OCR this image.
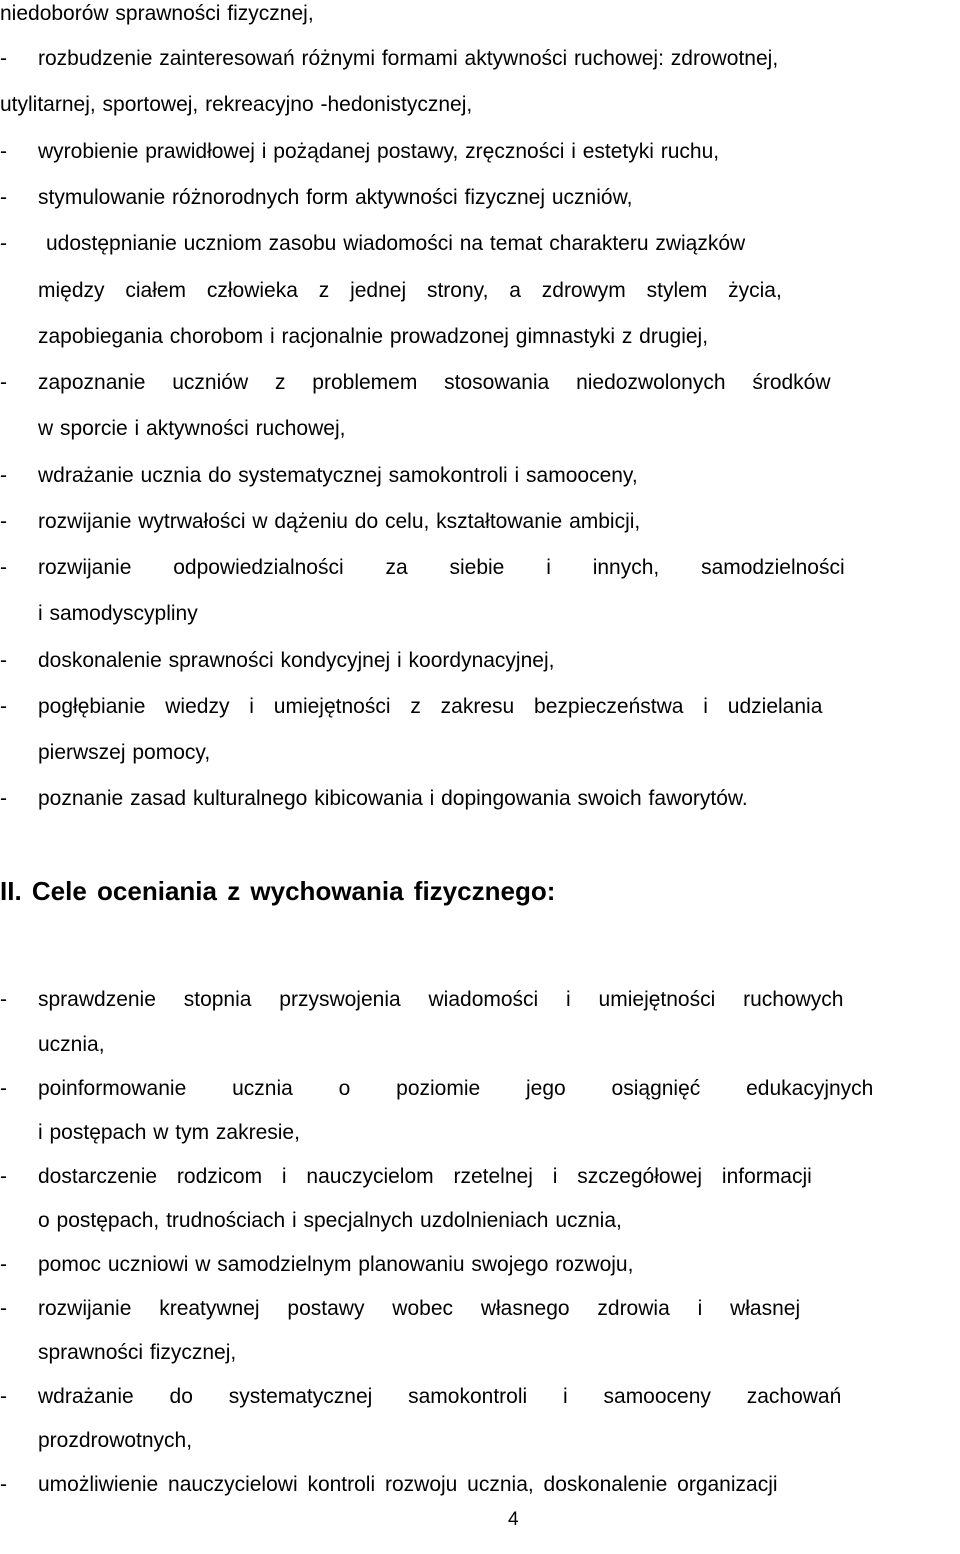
niedoborów sprawności fizycznej,
- rozbudzenie zainteresowań różnymi formami aktywności ruchowej: zdrowotnej,
utylitarnej, sportowej, rekreacyjno -hedonistycznej,
- wyrobienie prawidłowej i pożądanej postawy, zręczności i estetyki ruchu,
- stymulowanie różnorodnych form aktywności fizycznej uczniów,
- udostępnianie uczniom zasobu wiadomości na temat charakteru związków
między ciałem człowieka z jednej strony, a zdrowym stylem życia,
zapobiegania chorobom i racjonalnie prowadzonej gimnastyki z drugiej,
- zapoznanie uczniów z problemem stosowania niedozwolonych środków
w sporcie i aktywności ruchowej,
- wdrażanie ucznia do systematycznej samokontroli i samooceny,
- rozwijanie wytrwałości w dążeniu do celu, kształtowanie ambicji,
- rozwijanie odpowiedzialności za siebie i innych, samodzielności
i samodyscypliny
- doskonalenie sprawności kondycyjnej i koordynacyjnej,
- pogłębianie wiedzy i umiejętności z zakresu bezpieczeństwa i udzielania
pierwszej pomocy,
- poznanie zasad kulturalnego kibicowania i dopingowania swoich faworytów.
II. Cele oceniania z wychowania fizycznego:
- sprawdzenie stopnia przyswojenia wiadomości i umiejętności ruchowych
ucznia,
- poinformowanie ucznia o poziomie jego osiągnięć edukacyjnych
i postępach w tym zakresie,
- dostarczenie rodzicom i nauczycielom rzetelnej i szczegółowej informacji
o postępach, trudnościach i specjalnych uzdolnieniach ucznia,
- pomoc uczniowi w samodzielnym planowaniu swojego rozwoju,
- rozwijanie kreatywnej postawy wobec własnego zdrowia i własnej
sprawności fizycznej,
- wdrażanie do systematycznej samokontroli i samooceny zachowań
prozdrowotnych,
- umożliwienie nauczycielowi kontroli rozwoju ucznia, doskonalenie organizacji
4
